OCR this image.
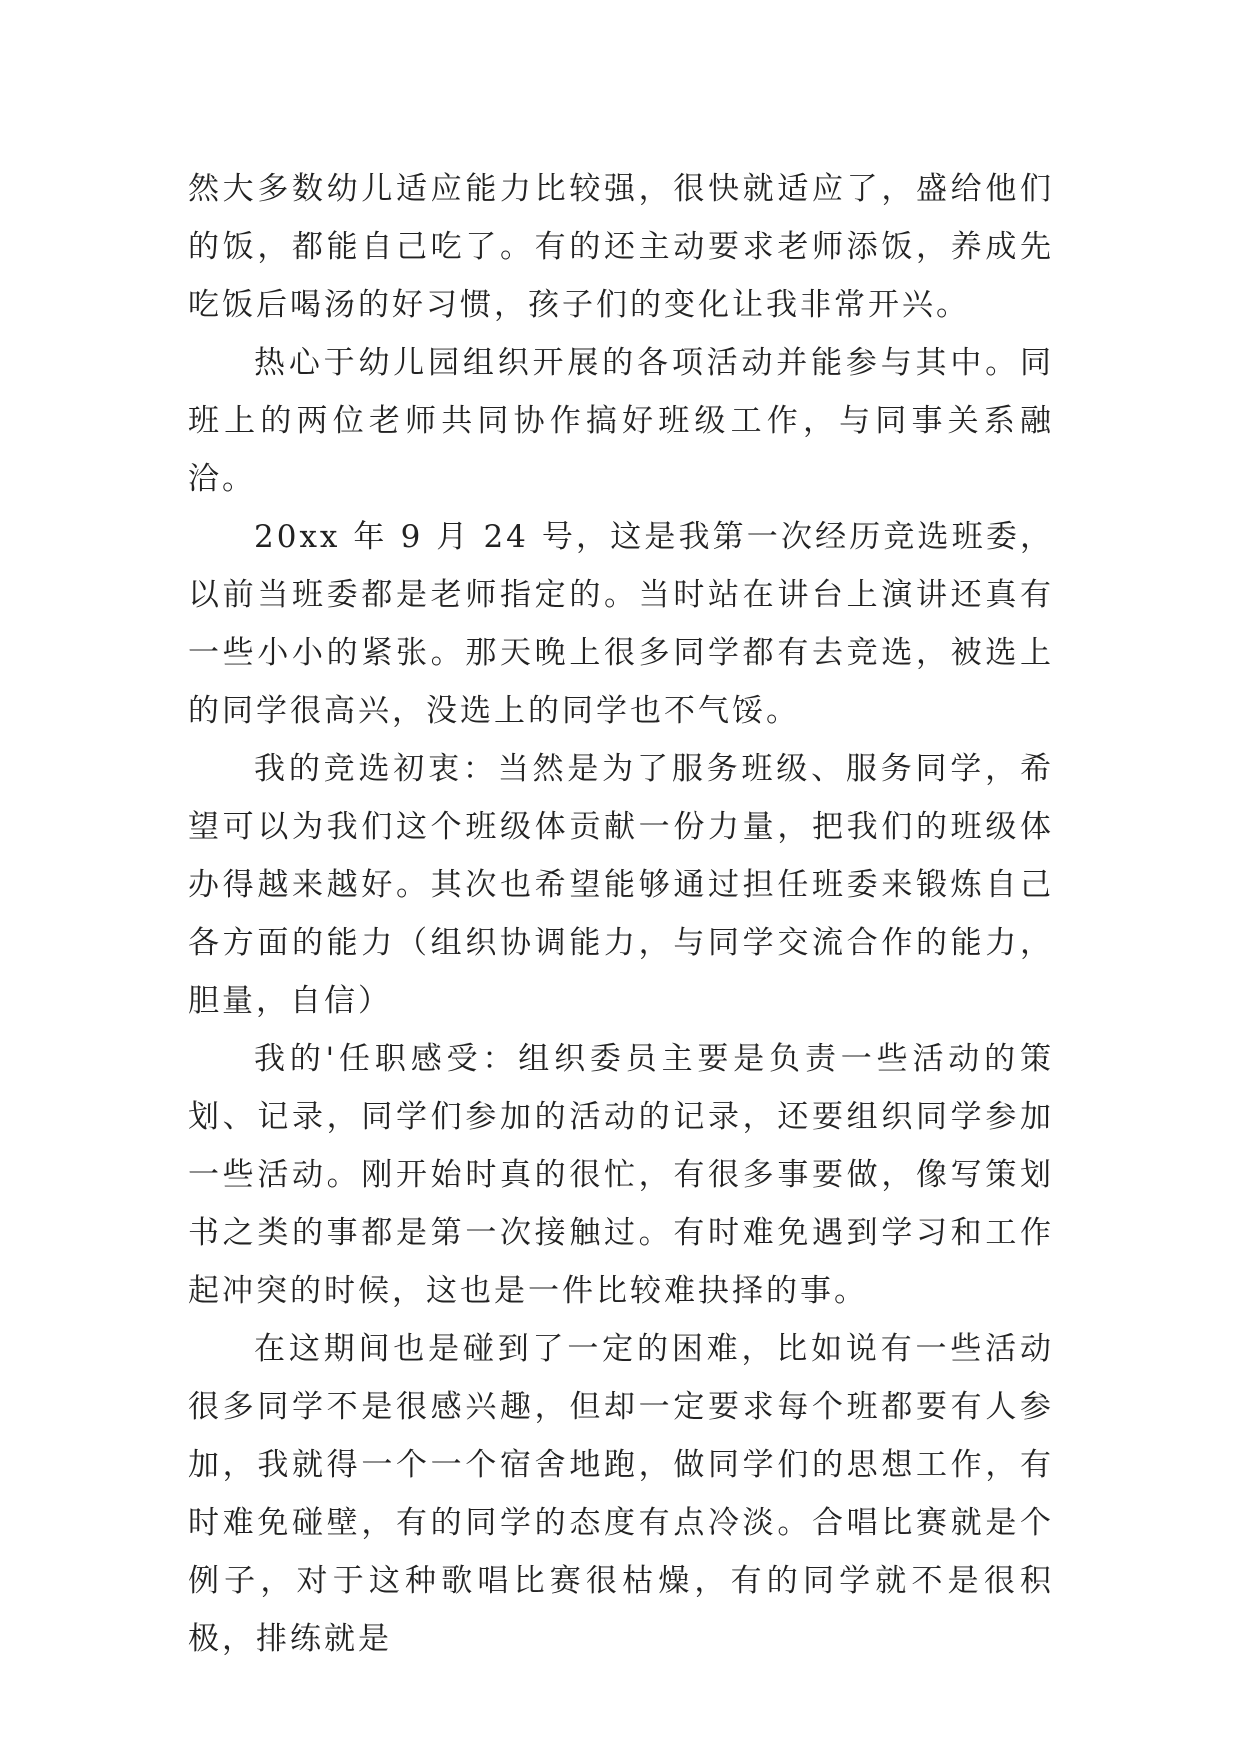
然大多数幼儿适应能力比较强，很快就适应了，盛给他们的饭，都能自己吃了。有的还主动要求老师添饭，养成先吃饭后喝汤的好习惯，孩子们的变化让我非常开兴。

热心于幼儿园组织开展的各项活动并能参与其中。同班上的两位老师共同协作搞好班级工作，与同事关系融洽。

20xx 年 9 月 24 号，这是我第一次经历竞选班委，以前当班委都是老师指定的。当时站在讲台上演讲还真有一些小小的紧张。那天晚上很多同学都有去竞选，被选上的同学很高兴，没选上的同学也不气馁。

我的竞选初衷：当然是为了服务班级、服务同学，希望可以为我们这个班级体贡献一份力量，把我们的班级体办得越来越好。其次也希望能够通过担任班委来锻炼自己各方面的能力（组织协调能力，与同学交流合作的能力，胆量，自信）

我的'任职感受：组织委员主要是负责一些活动的策划、记录，同学们参加的活动的记录，还要组织同学参加一些活动。刚开始时真的很忙，有很多事要做，像写策划书之类的事都是第一次接触过。有时难免遇到学习和工作起冲突的时候，这也是一件比较难抉择的事。

在这期间也是碰到了一定的困难，比如说有一些活动很多同学不是很感兴趣，但却一定要求每个班都要有人参加，我就得一个一个宿舍地跑，做同学们的思想工作，有时难免碰壁，有的同学的态度有点冷淡。合唱比赛就是个例子，对于这种歌唱比赛很枯燥，有的同学就不是很积极，排练就是
